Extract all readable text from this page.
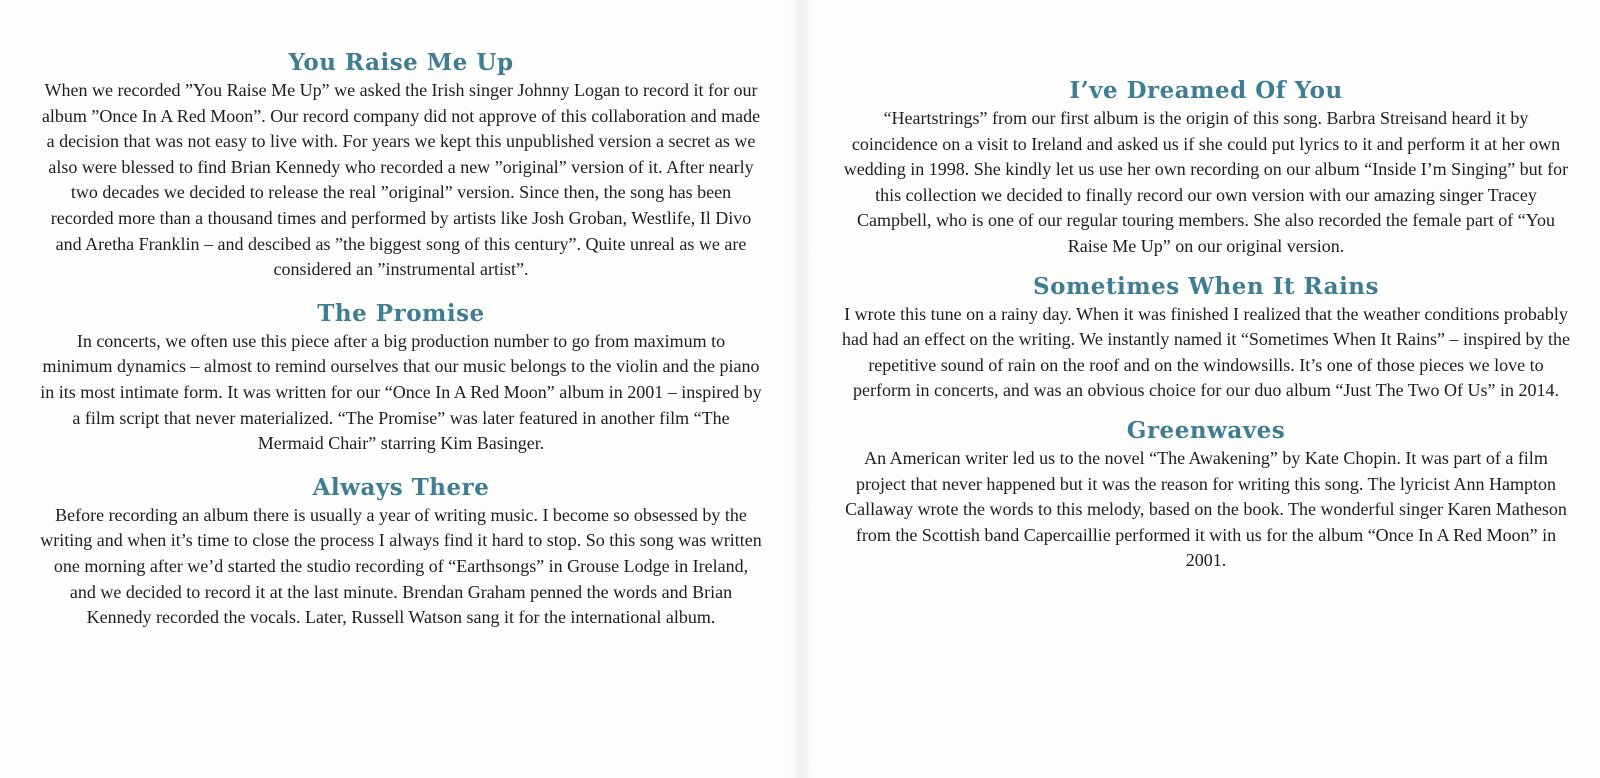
You Raise Me Up

When we recorded ”You Raise Me Up” we asked the Irish singer Johnny Logan to record it for our album ”Once In A Red Moon”. Our record company did not approve of this collaboration and made a decision that was not easy to live with. For years we kept this unpublished version a secret as we also were blessed to find Brian Kennedy who recorded a new ”original” version of it. After nearly two decades we decided to release the real ”original” version. Since then, the song has been recorded more than a thousand times and performed by artists like Josh Groban, Westlife, Il Divo and Aretha Franklin – and descibed as ”the biggest song of this century”. Quite unreal as we are considered an ”instrumental artist”.

The Promise

In concerts, we often use this piece after a big production number to go from maximum to minimum dynamics – almost to remind ourselves that our music belongs to the violin and the piano in its most intimate form. It was written for our “Once In A Red Moon” album in 2001 – inspired by a film script that never materialized. “The Promise” was later featured in another film “The Mermaid Chair” starring Kim Basinger.

Always There

Before recording an album there is usually a year of writing music. I become so obsessed by the writing and when it’s time to close the process I always find it hard to stop. So this song was written one morning after we’d started the studio recording of “Earthsongs” in Grouse Lodge in Ireland, and we decided to record it at the last minute. Brendan Graham penned the words and Brian Kennedy recorded the vocals. Later, Russell Watson sang it for the international album.

I’ve Dreamed Of You

“Heartstrings” from our first album is the origin of this song. Barbra Streisand heard it by coincidence on a visit to Ireland and asked us if she could put lyrics to it and perform it at her own wedding in 1998. She kindly let us use her own recording on our album “Inside I’m Singing” but for this collection we decided to finally record our own version with our amazing singer Tracey Campbell, who is one of our regular touring members. She also recorded the female part of “You Raise Me Up” on our original version.

Sometimes When It Rains

I wrote this tune on a rainy day. When it was finished I realized that the weather conditions probably had had an effect on the writing. We instantly named it “Sometimes When It Rains” – inspired by the repetitive sound of rain on the roof and on the windowsills. It’s one of those pieces we love to perform in concerts, and was an obvious choice for our duo album “Just The Two Of Us” in 2014.

Greenwaves

An American writer led us to the novel “The Awakening” by Kate Chopin. It was part of a film project that never happened but it was the reason for writing this song. The lyricist Ann Hampton Callaway wrote the words to this melody, based on the book. The wonderful singer Karen Matheson from the Scottish band Capercaillie performed it with us for the album “Once In A Red Moon” in 2001.
